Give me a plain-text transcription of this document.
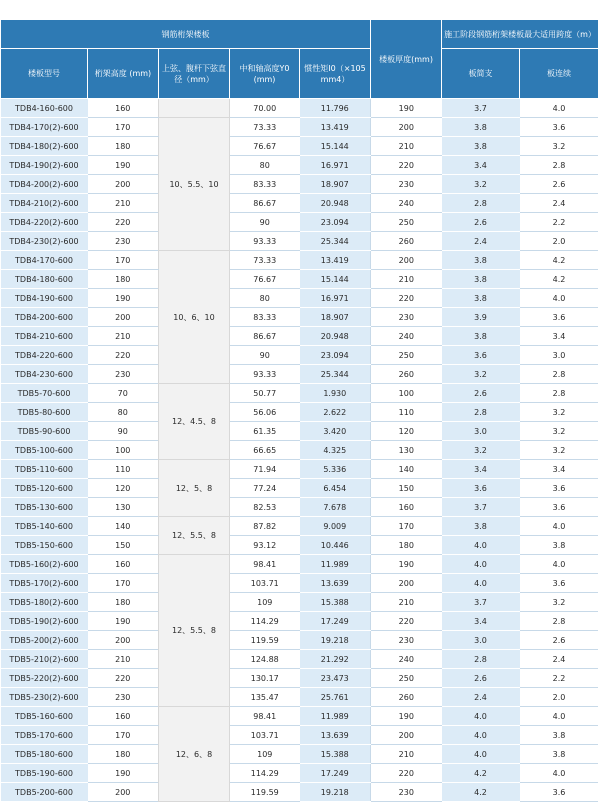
钢筋桁架楼板					楼板厚度(mm)	施工阶段钢筋桁架楼板最大适用跨度（m）	
楼板型号	桁架高度 (mm)	上弦、腹杆下弦直径（mm）	中和轴高度Y0 (mm)	惯性矩I0（×105 mm4）		板简支	板连续
TDB4-160-600	160		70.00	11.796	190	3.7	4.0
TDB4-170(2)-600	170	10、5.5、10	73.33	13.419	200	3.8	3.6
TDB4-180(2)-600	180		76.67	15.144	210	3.8	3.2
TDB4-190(2)-600	190		80	16.971	220	3.4	2.8
TDB4-200(2)-600	200		83.33	18.907	230	3.2	2.6
TDB4-210(2)-600	210		86.67	20.948	240	2.8	2.4
TDB4-220(2)-600	220		90	23.094	250	2.6	2.2
TDB4-230(2)-600	230		93.33	25.344	260	2.4	2.0
TDB4-170-600	170	10、6、10	73.33	13.419	200	3.8	4.2
TDB4-180-600	180		76.67	15.144	210	3.8	4.2
TDB4-190-600	190		80	16.971	220	3.8	4.0
TDB4-200-600	200		83.33	18.907	230	3.9	3.6
TDB4-210-600	210		86.67	20.948	240	3.8	3.4
TDB4-220-600	220		90	23.094	250	3.6	3.0
TDB4-230-600	230		93.33	25.344	260	3.2	2.8
TDB5-70-600	70	12、4.5、8	50.77	1.930	100	2.6	2.8
TDB5-80-600	80		56.06	2.622	110	2.8	3.2
TDB5-90-600	90		61.35	3.420	120	3.0	3.2
TDB5-100-600	100		66.65	4.325	130	3.2	3.2
TDB5-110-600	110	12、5、8	71.94	5.336	140	3.4	3.4
TDB5-120-600	120		77.24	6.454	150	3.6	3.6
TDB5-130-600	130		82.53	7.678	160	3.7	3.6
TDB5-140-600	140	12、5.5、8	87.82	9.009	170	3.8	4.0
TDB5-150-600	150		93.12	10.446	180	4.0	3.8
TDB5-160(2)-600	160	12、5.5、8	98.41	11.989	190	4.0	4.0
TDB5-170(2)-600	170		103.71	13.639	200	4.0	3.6
TDB5-180(2)-600	180		109	15.388	210	3.7	3.2
TDB5-190(2)-600	190		114.29	17.249	220	3.4	2.8
TDB5-200(2)-600	200		119.59	19.218	230	3.0	2.6
TDB5-210(2)-600	210		124.88	21.292	240	2.8	2.4
TDB5-220(2)-600	220		130.17	23.473	250	2.6	2.2
TDB5-230(2)-600	230		135.47	25.761	260	2.4	2.0
TDB5-160-600	160	12、6、8	98.41	11.989	190	4.0	4.0
TDB5-170-600	170		103.71	13.639	200	4.0	3.8
TDB5-180-600	180		109	15.388	210	4.0	3.8
TDB5-190-600	190		114.29	17.249	220	4.2	4.0
TDB5-200-600	200		119.59	19.218	230	4.2	3.6
